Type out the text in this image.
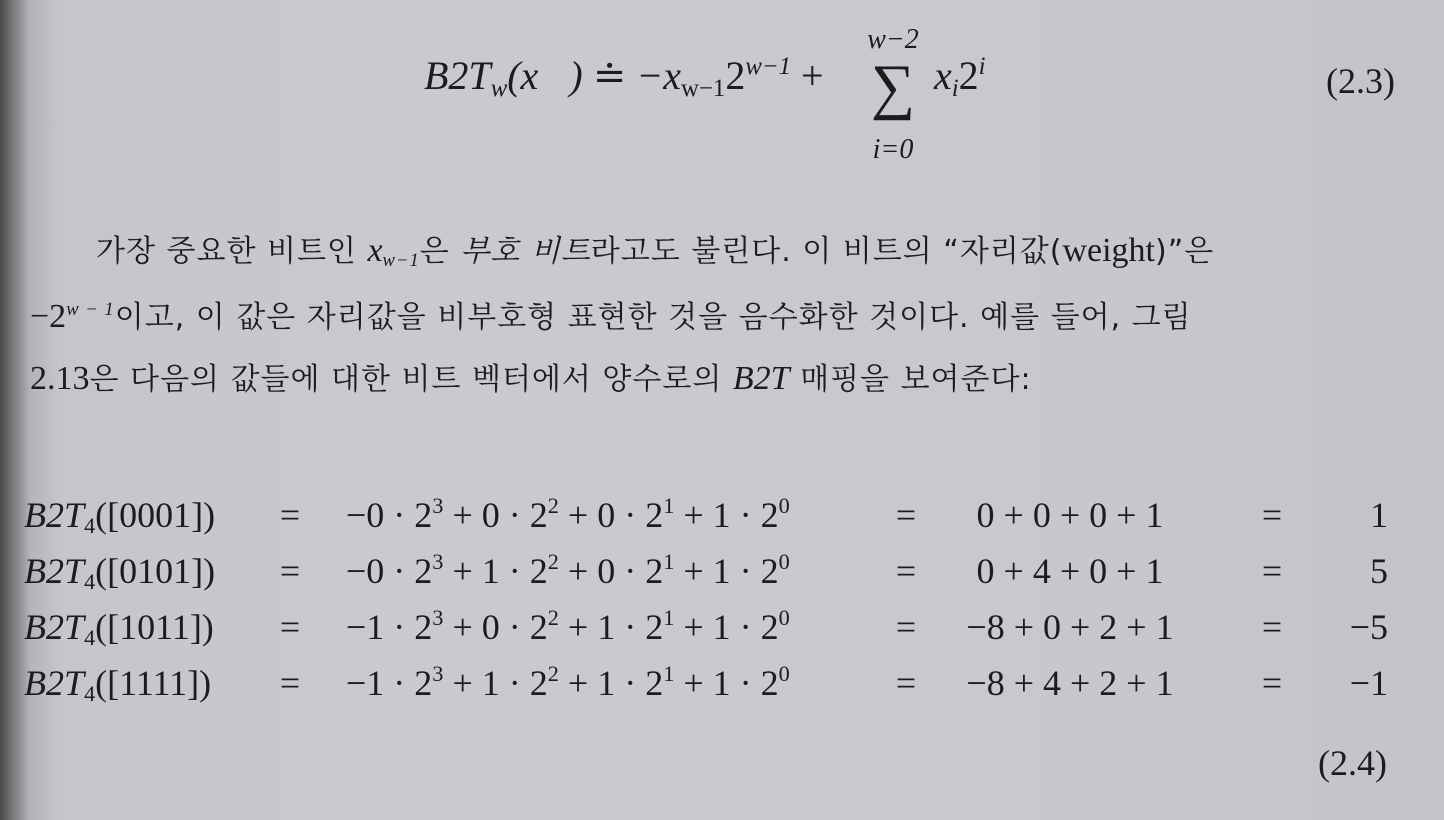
B2Tw(x⃗) ≐ $-xw-12^{w-1}$ +
w−2
∑
i=0
xi2$^i$	(2.3)
가장 중요한 비트인 xw−1은 부호 비트라고도 불린다. 이 비트의 “자리값(weight)”은
$-2^{w - 1}$이고, 이 값은 자리값을 비부호형 표현한 것을 음수화한 것이다. 예를 들어, 그림
2.13은 다음의 값들에 대한 비트 벡터에서 양수로의 B2T 매핑을 보여준다:
$B2T4([0001]) = -0 \cdot 2^3 + 0 \cdot 2^2 + 0 \cdot 2^1 + 1 \cdot 2^0$	=	0 + 0 + 0 + 1	=	1
$B2T4([0101]) = -0 \cdot 2^3 + 1 \cdot 2^2 + 0 \cdot 2^1 + 1 \cdot 2^0$	=	0 + 4 + 0 + 1	=	5
$B2T4([1011]) = -1 \cdot 2^3 + 0 \cdot 2^2 + 1 \cdot 2^1 + 1 \cdot 2^0$	=	−8 + 0 + 2 + 1	=	−5
$B2T4([1111]) = -1 \cdot 2^3 + 1 \cdot 2^2 + 1 \cdot 2^1 + 1 \cdot 2^0$	=	−8 + 4 + 2 + 1	=	−1
(2.4)
